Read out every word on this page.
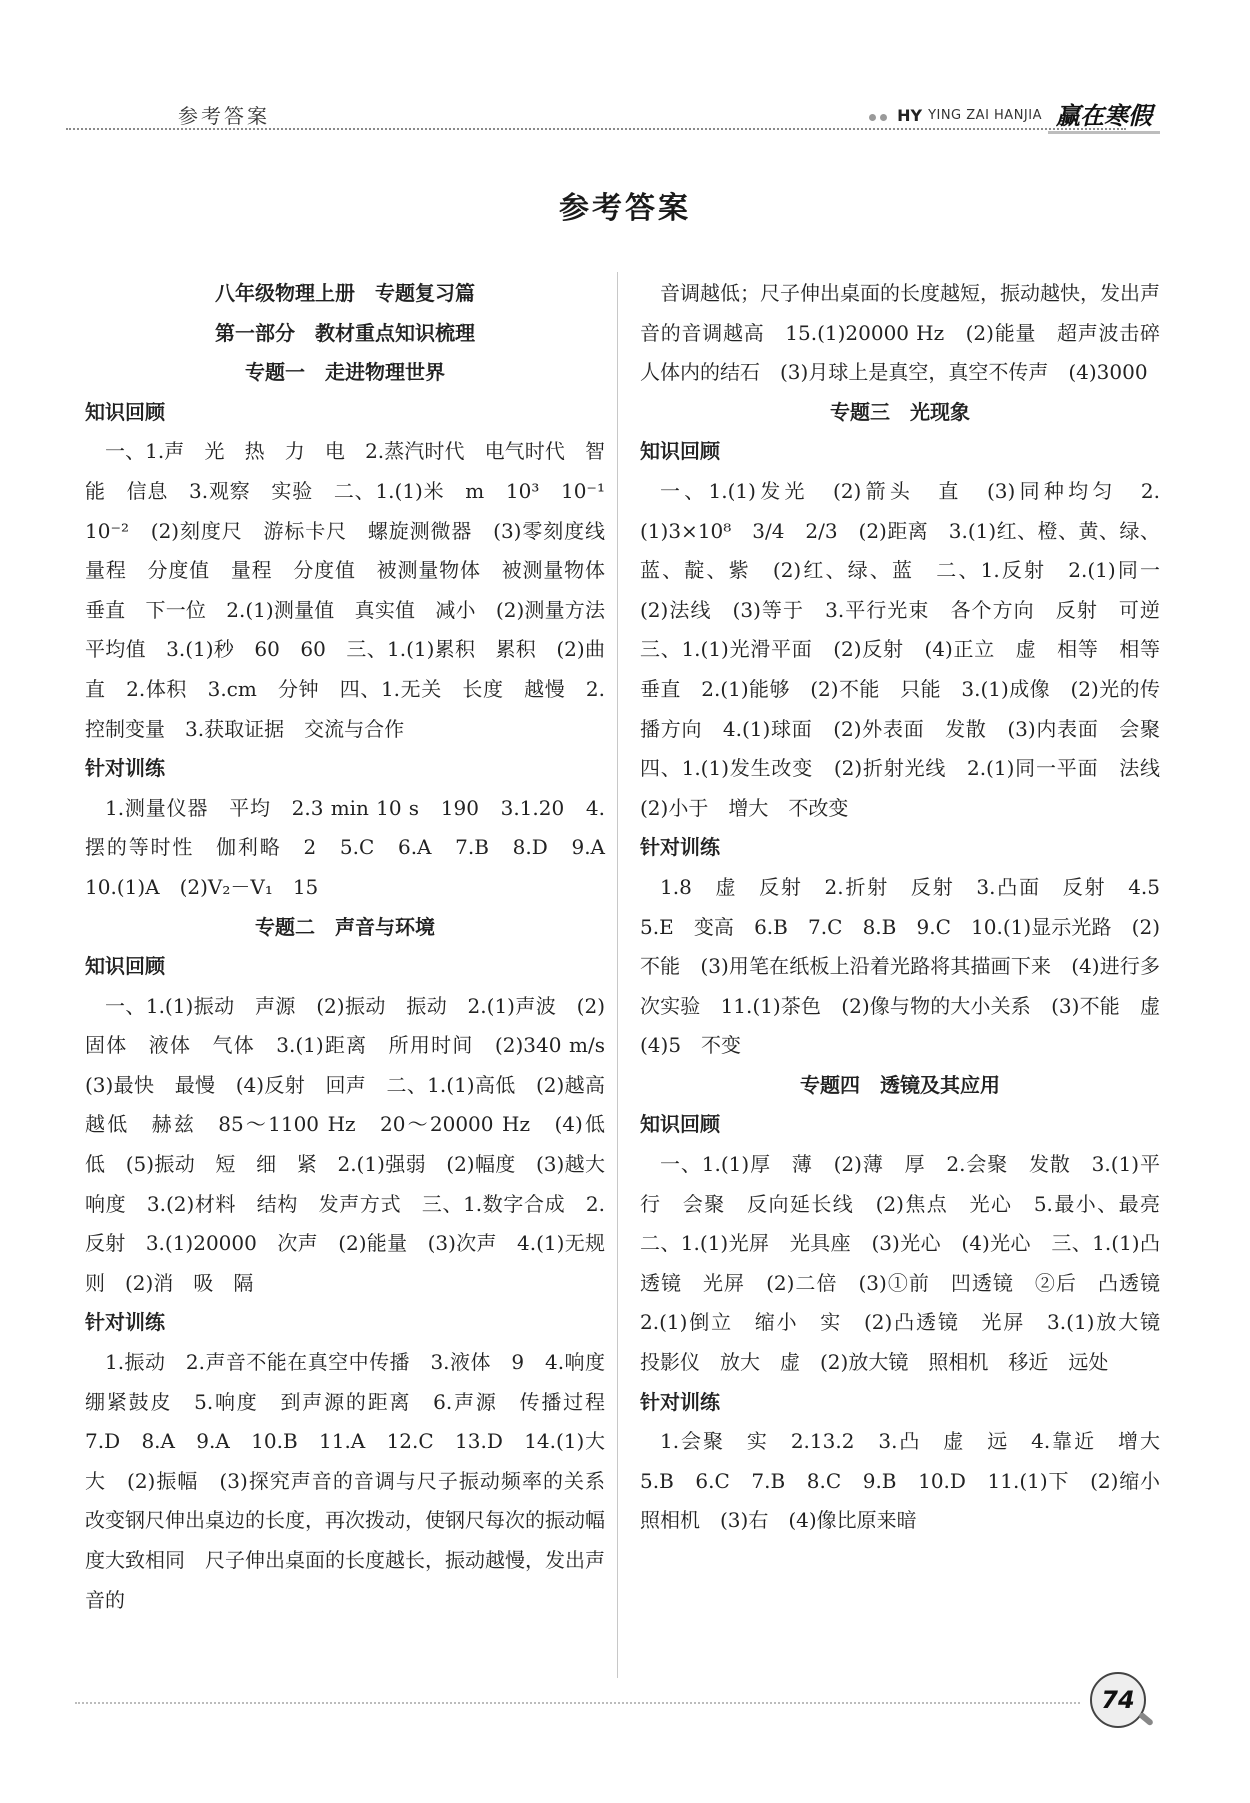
参考答案	HY YING ZAI HANJIA 赢在寒假
参考答案

八年级物理上册　专题复习篇

第一部分　教材重点知识梳理

专题一　走进物理世界

知识回顾

一、1.声　光　热　力　电　2.蒸汽时代　电气时代　智能　信息　3.观察　实验　二、1.(1)米　m　10³　10⁻¹　10⁻²　(2)刻度尺　游标卡尺　螺旋测微器　(3)零刻度线　量程　分度值　量程　分度值　被测量物体　被测量物体　垂直　下一位　2.(1)测量值　真实值　减小　(2)测量方法　平均值　3.(1)秒　60　60　三、1.(1)累积　累积　(2)曲　直　2.体积　3.cm　分钟　四、1.无关　长度　越慢　2.控制变量　3.获取证据　交流与合作

针对训练

1.测量仪器　平均　2.3 min 10 s　190　3.1.20　4.摆的等时性　伽利略　2　5.C　6.A　7.B　8.D　9.A　10.(1)A　(2)V₂－V₁　15

专题二　声音与环境

知识回顾

一、1.(1)振动　声源　(2)振动　振动　2.(1)声波　(2)固体　液体　气体　3.(1)距离　所用时间　(2)340 m/s　(3)最快　最慢　(4)反射　回声　二、1.(1)高低　(2)越高　越低　赫兹　85～1100 Hz　20～20000 Hz　(4)低　低　(5)振动　短　细　紧　2.(1)强弱　(2)幅度　(3)越大　响度　3.(2)材料　结构　发声方式　三、1.数字合成　2.反射　3.(1)20000　次声　(2)能量　(3)次声　4.(1)无规则　(2)消　吸　隔

针对训练

1.振动　2.声音不能在真空中传播　3.液体　9　4.响度　绷紧鼓皮　5.响度　到声源的距离　6.声源　传播过程　7.D　8.A　9.A　10.B　11.A　12.C　13.D　14.(1)大　大　(2)振幅　(3)探究声音的音调与尺子振动频率的关系　改变钢尺伸出桌边的长度，再次拨动，使钢尺每次的振动幅度大致相同　尺子伸出桌面的长度越长，振动越慢，发出声音的

音调越低；尺子伸出桌面的长度越短，振动越快，发出声音的音调越高　15.(1)20000 Hz　(2)能量　超声波击碎人体内的结石　(3)月球上是真空，真空不传声　(4)3000

专题三　光现象

知识回顾

一、1.(1)发光　(2)箭头　直　(3)同种均匀　2.(1)3×10⁸　3/4　2/3　(2)距离　3.(1)红、橙、黄、绿、蓝、靛、紫　(2)红、绿、蓝　二、1.反射　2.(1)同一　(2)法线　(3)等于　3.平行光束　各个方向　反射　可逆　三、1.(1)光滑平面　(2)反射　(4)正立　虚　相等　相等　垂直　2.(1)能够　(2)不能　只能　3.(1)成像　(2)光的传播方向　4.(1)球面　(2)外表面　发散　(3)内表面　会聚　四、1.(1)发生改变　(2)折射光线　2.(1)同一平面　法线　(2)小于　增大　不改变

针对训练

1.8　虚　反射　2.折射　反射　3.凸面　反射　4.5　5.E　变高　6.B　7.C　8.B　9.C　10.(1)显示光路　(2)不能　(3)用笔在纸板上沿着光路将其描画下来　(4)进行多次实验　11.(1)茶色　(2)像与物的大小关系　(3)不能　虚　(4)5　不变

专题四　透镜及其应用

知识回顾

一、1.(1)厚　薄　(2)薄　厚　2.会聚　发散　3.(1)平行　会聚　反向延长线　(2)焦点　光心　5.最小、最亮　二、1.(1)光屏　光具座　(3)光心　(4)光心　三、1.(1)凸透镜　光屏　(2)二倍　(3)①前　凹透镜　②后　凸透镜　2.(1)倒立　缩小　实　(2)凸透镜　光屏　3.(1)放大镜　投影仪　放大　虚　(2)放大镜　照相机　移近　远处

针对训练

1.会聚　实　2.13.2　3.凸　虚　远　4.靠近　增大　5.B　6.C　7.B　8.C　9.B　10.D　11.(1)下　(2)缩小　照相机　(3)右　(4)像比原来暗

74
